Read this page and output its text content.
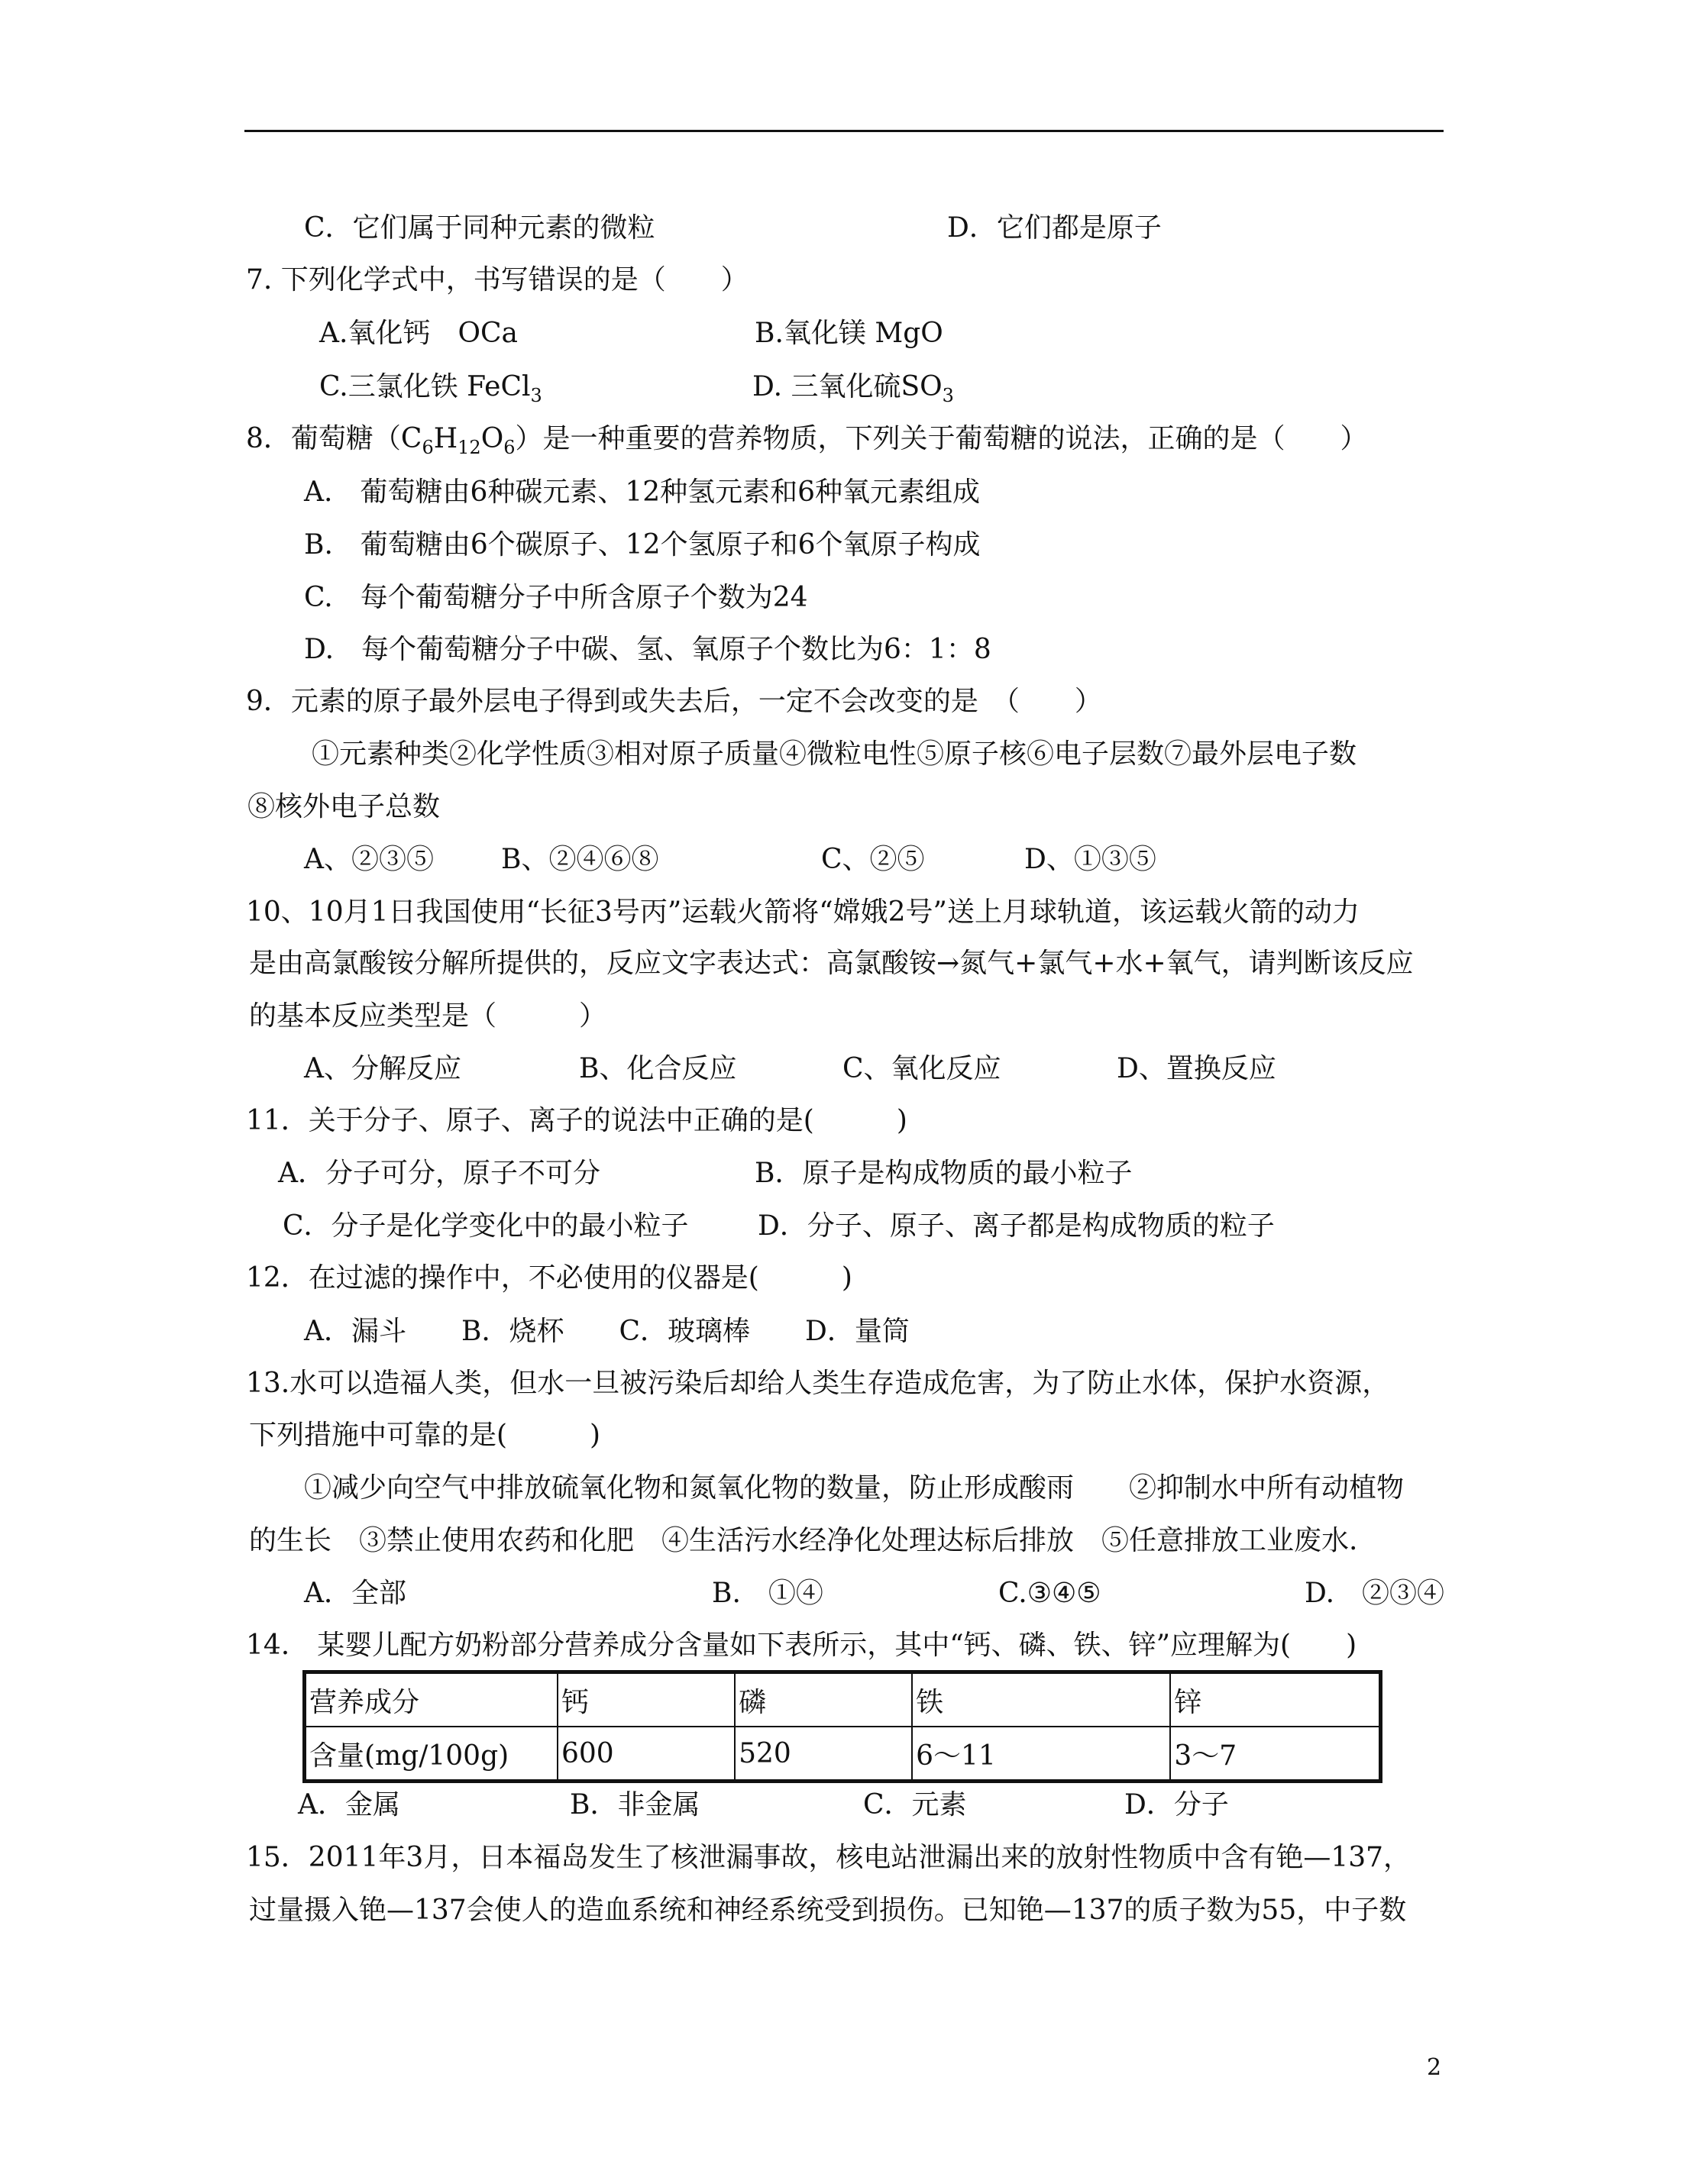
C．它们属于同种元素的微粒	D．它们都是原子
7. 下列化学式中，书写错误的是（　　）
A.氧化钙　OCa	B.氧化镁 MgO
C.三氯化铁 FeCl$_3$	D. 三氧化硫$SO_3$
8．葡萄糖$(C_6H_{12}O_6)$是一种重要的营养物质，下列关于葡萄糖的说法，正确的是（　　）
A.　葡萄糖由6种碳元素、12种氢元素和6种氧元素组成
B.　葡萄糖由6个碳原子、12个氢原子和6个氧原子构成
C.　每个葡萄糖分子中所含原子个数为24
D.　每个葡萄糖分子中碳、氢、氧原子个数比为6：1：8
9．元素的原子最外层电子得到或失去后，一定不会改变的是　（　　）
①元素种类②化学性质③相对原子质量④微粒电性⑤原子核⑥电子层数⑦最外层电子数
⑧核外电子总数
A、②③⑤ B、②④⑥⑧	C、②⑤	D、①③⑤
10、10月1日我国使用“长征3号丙”运载火箭将“嫦娥2号”送上月球轨道，该运载火箭的动力
是由高氯酸铵分解所提供的，反应文字表达式：高氯酸铵→氮气+氯气+水+氧气，请判断该反应
的基本反应类型是（　　　）
A、分解反应	B、化合反应	C、氧化反应	D、置换反应
11．关于分子、原子、离子的说法中正确的是(　　　)
A．分子可分，原子不可分	B．原子是构成物质的最小粒子
C．分子是化学变化中的最小粒子	D．分子、原子、离子都是构成物质的粒子
12．在过滤的操作中，不必使用的仪器是(　　　)
A．漏斗　　B．烧杯　　C．玻璃棒　　D．量筒
13.水可以造福人类，但水一旦被污染后却给人类生存造成危害，为了防止水体，保护水资源，
下列措施中可靠的是(　　　)
①减少向空气中排放硫氧化物和氮氧化物的数量，防止形成酸雨　　②抑制水中所有动植物
的生长　③禁止使用农药和化肥　④生活污水经净化处理达标后排放　⑤任意排放工业废水.
A．全部	B.　①④	C.③④⑤	D.　②③④
14.　某婴儿配方奶粉部分营养成分含量如下表所示，其中“钙、磷、铁、锌”应理解为(　　)
营养成分	钙	磷	铁	锌
含量(mg/100g)	600	520	6～11	3～7
A．金属	B．非金属	C．元素	D．分子
15．2011年3月，日本福岛发生了核泄漏事故，核电站泄漏出来的放射性物质中含有铯—137，
过量摄入铯—137会使人的造血系统和神经系统受到损伤。已知铯—137的质子数为55，中子数
2
